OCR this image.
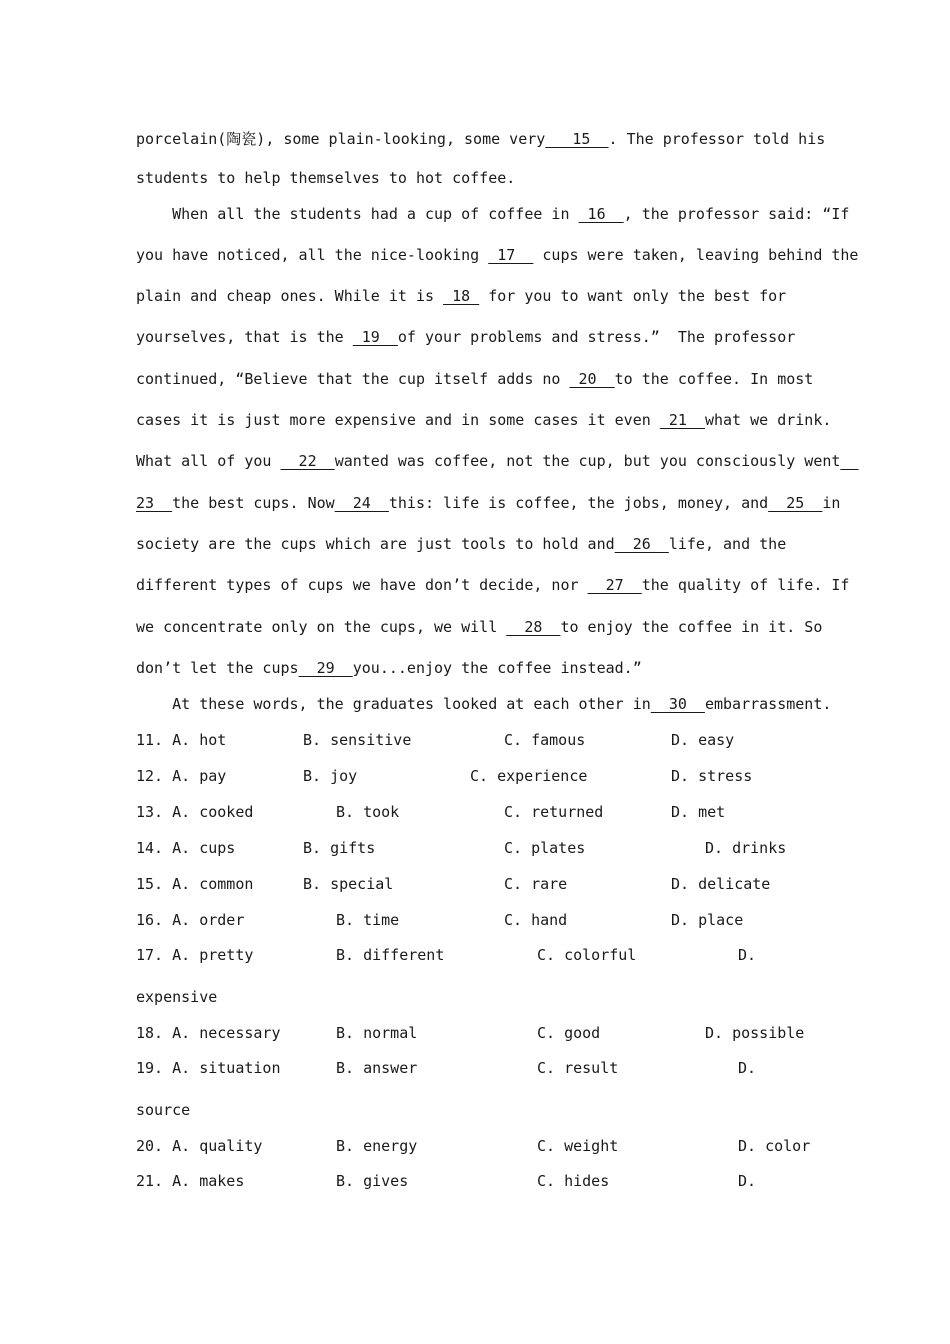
porcelain(陶瓷), some plain-looking, some very   15  . The professor told his
students to help themselves to hot coffee.
When all the students had a cup of coffee in  16  , the professor said: “If
you have noticed, all the nice-looking  17   cups were taken, leaving behind the
plain and cheap ones. While it is  18  for you to want only the best for
yourselves, that is the  19  of your problems and stress.”  The professor
continued, “Believe that the cup itself adds no  20  to the coffee. In most
cases it is just more expensive and in some cases it even  21  what we drink.
What all of you   22  wanted was coffee, not the cup, but you consciously went__
23  the best cups. Now  24  this: life is coffee, the jobs, money, and  25  in
society are the cups which are just tools to hold and  26  life, and the
different types of cups we have don’t decide, nor   27  the quality of life. If
we concentrate only on the cups, we will   28  to enjoy the coffee in it. So
don’t let the cups  29  you...enjoy the coffee instead.”
At these words, the graduates looked at each other in  30  embarrassment.
11. A. hot	B. sensitive	C. famous	D. easy
12. A. pay	B. joy	C. experience	D. stress
13. A. cooked	B. took	C. returned	D. met
14. A. cups	B. gifts	C. plates	D. drinks
15. A. common	B. special	C. rare	D. delicate
16. A. order	B. time	C. hand	D. place
17. A. pretty	B. different	C. colorful	D.
expensive
18. A. necessary	B. normal	C. good	D. possible
19. A. situation	B. answer	C. result	D.
source
20. A. quality	B. energy	C. weight	D. color
21. A. makes	B. gives	C. hides	D.
